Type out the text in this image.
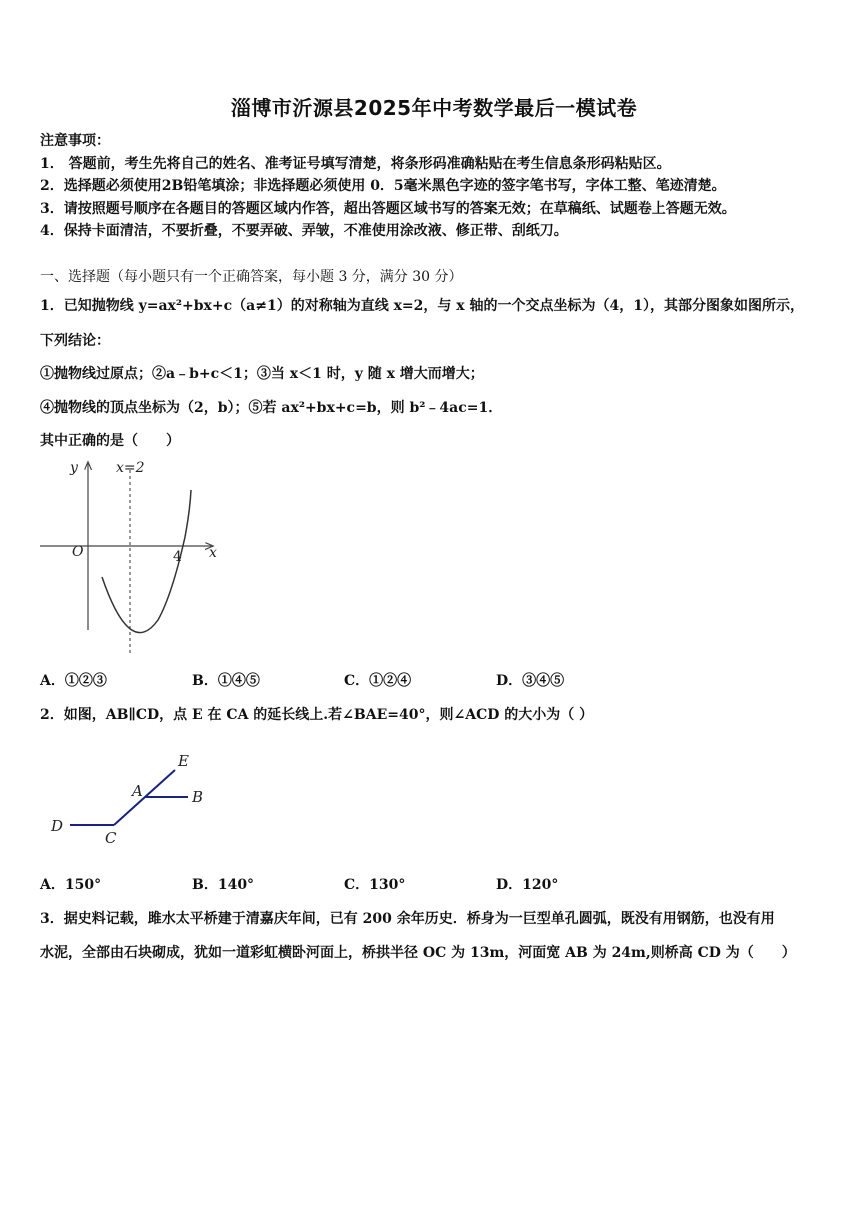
淄博市沂源县2025年中考数学最后一模试卷
注意事项：
1． 答题前，考生先将自己的姓名、准考证号填写清楚，将条形码准确粘贴在考生信息条形码粘贴区。
2．选择题必须使用2B铅笔填涂；非选择题必须使用 0．5毫米黑色字迹的签字笔书写，字体工整、笔迹清楚。
3．请按照题号顺序在各题目的答题区域内作答，超出答题区域书写的答案无效；在草稿纸、试题卷上答题无效。
4．保持卡面清洁，不要折叠，不要弄破、弄皱，不准使用涂改液、修正带、刮纸刀。
一、选择题（每小题只有一个正确答案，每小题 3 分，满分 30 分）
1．已知抛物线 y=ax²+bx+c（a≠1）的对称轴为直线 x=2，与 x 轴的一个交点坐标为（4，1），其部分图象如图所示，
下列结论：
①抛物线过原点；②a﹣b+c＜1；③当 x＜1 时，y 随 x 增大而增大；
④抛物线的顶点坐标为（2，b）；⑤若 ax²+bx+c=b，则 b²﹣4ac=1．
其中正确的是（　　）
y
x
O
x=2
4
A．①②③	B．①④⑤	C．①②④	D．③④⑤
2．如图，AB∥CD，点 E 在 CA 的延长线上.若∠BAE=40°，则∠ACD 的大小为（ ）
E
A	B
C
D
A．150°	B．140°	C．130°	D．120°
3．据史料记载，雎水太平桥建于清嘉庆年间，已有 200 余年历史．桥身为一巨型单孔圆弧，既没有用钢筋，也没有用
水泥，全部由石块砌成，犹如一道彩虹横卧河面上，桥拱半径 OC 为 13m，河面宽 AB 为 24m,则桥高 CD 为（　　）
